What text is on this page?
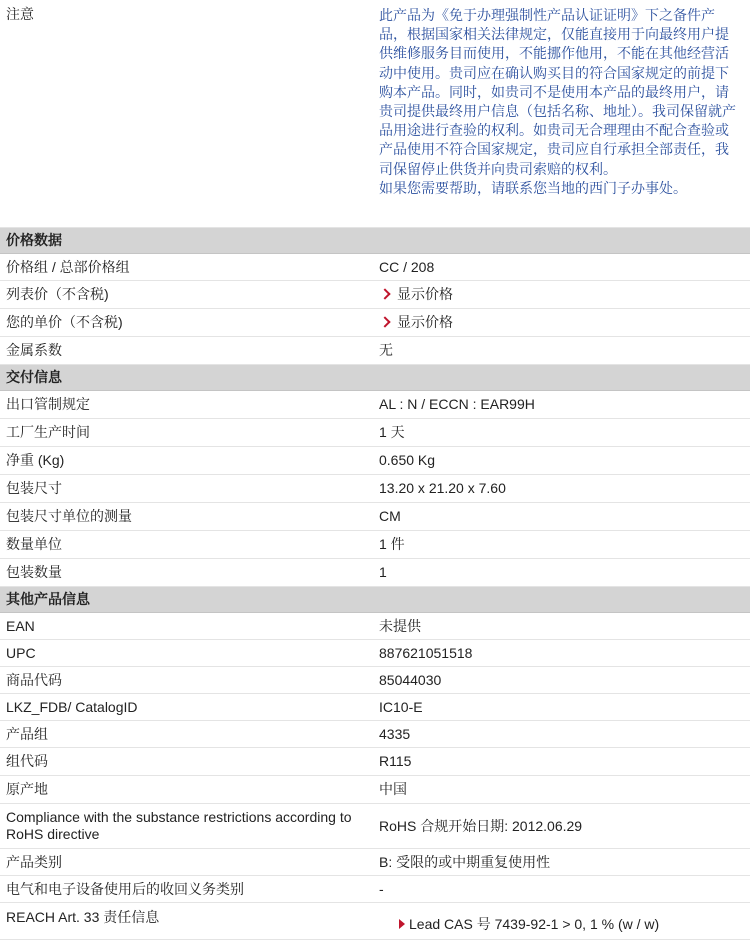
注意	此产品为《免于办理强制性产品认证证明》下之备件产品，根据国家相关法律规定，仅能直接用于向最终用户提供维修服务目而使用，不能挪作他用，不能在其他经营活动中使用。贵司应在确认购买目的符合国家规定的前提下购本产品。同时，如贵司不是使用本产品的最终用户，请贵司提供最终用户信息（包括名称、地址）。我司保留就产品用途进行查验的权利。如贵司无合理理由不配合查验或产品使用不符合国家规定，贵司应自行承担全部责任，我司保留停止供货并向贵司索赔的权利。
如果您需要帮助，请联系您当地的西门子办事处。

价格数据	
价格组 / 总部价格组	CC / 208
列表价（不含税)	显示价格
您的单价（不含税)	显示价格
金属系数	无
交付信息	
出口管制规定	AL : N / ECCN : EAR99H
工厂生产时间	1 天
净重 (Kg)	0.650 Kg
包装尺寸	13.20 x 21.20 x 7.60
包装尺寸单位的测量	CM
数量单位	1 件
包装数量	1
其他产品信息	
EAN	未提供
UPC	887621051518
商品代码	85044030
LKZ_FDB/ CatalogID	IC10-E
产品组	4335
组代码	R115
原产地	中国
Compliance with the substance restrictions according to RoHS directive	RoHS 合规开始日期: 2012.06.29
产品类别	B: 受限的或中期重复使用性
电气和电子设备使用后的收回义务类别	-
REACH Art. 33 责任信息	Lead CAS 号 7439-92-1 > 0, 1 % (w / w)
